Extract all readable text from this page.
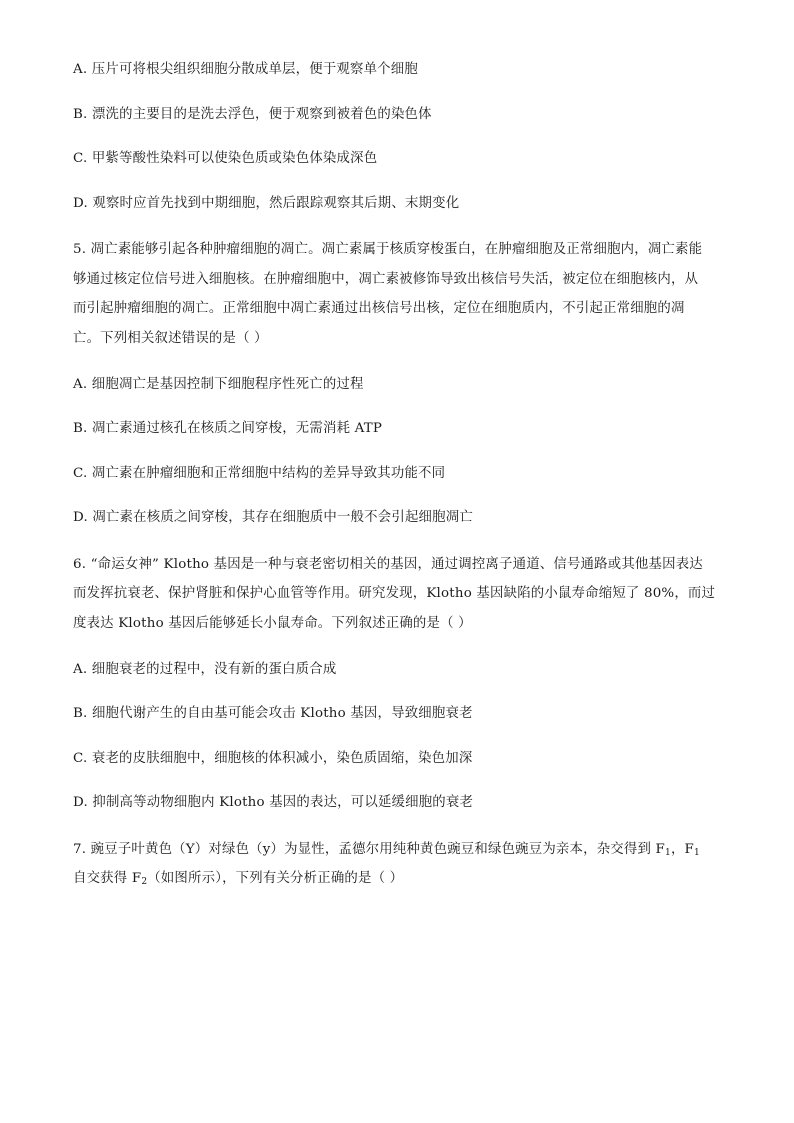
A. 压片可将根尖组织细胞分散成单层，便于观察单个细胞
B. 漂洗的主要目的是洗去浮色，便于观察到被着色的染色体
C. 甲紫等酸性染料可以使染色质或染色体染成深色
D. 观察时应首先找到中期细胞，然后跟踪观察其后期、末期变化
5. 凋亡素能够引起各种肿瘤细胞的凋亡。凋亡素属于核质穿梭蛋白，在肿瘤细胞及正常细胞内，凋亡素能
够通过核定位信号进入细胞核。在肿瘤细胞中，凋亡素被修饰导致出核信号失活，被定位在细胞核内，从
而引起肿瘤细胞的凋亡。正常细胞中凋亡素通过出核信号出核，定位在细胞质内，不引起正常细胞的凋
亡。下列相关叙述错误的是（ ）
A. 细胞凋亡是基因控制下细胞程序性死亡的过程
B. 凋亡素通过核孔在核质之间穿梭，无需消耗 ATP
C. 凋亡素在肿瘤细胞和正常细胞中结构的差异导致其功能不同
D. 凋亡素在核质之间穿梭，其存在细胞质中一般不会引起细胞凋亡
6. “命运女神” Klotho 基因是一种与衰老密切相关的基因，通过调控离子通道、信号通路或其他基因表达
而发挥抗衰老、保护肾脏和保护心血管等作用。研究发现，Klotho 基因缺陷的小鼠寿命缩短了 80%，而过
度表达 Klotho 基因后能够延长小鼠寿命。下列叙述正确的是（ ）
A. 细胞衰老的过程中，没有新的蛋白质合成
B. 细胞代谢产生的自由基可能会攻击 Klotho 基因，导致细胞衰老
C. 衰老的皮肤细胞中，细胞核的体积减小，染色质固缩，染色加深
D. 抑制高等动物细胞内 Klotho 基因的表达，可以延缓细胞的衰老
7. 豌豆子叶黄色（Y）对绿色（y）为显性，孟德尔用纯种黄色豌豆和绿色豌豆为亲本，杂交得到 $F_1$，$F_1$
自交获得 $F_2$（如图所示），下列有关分析正确的是（ ）
